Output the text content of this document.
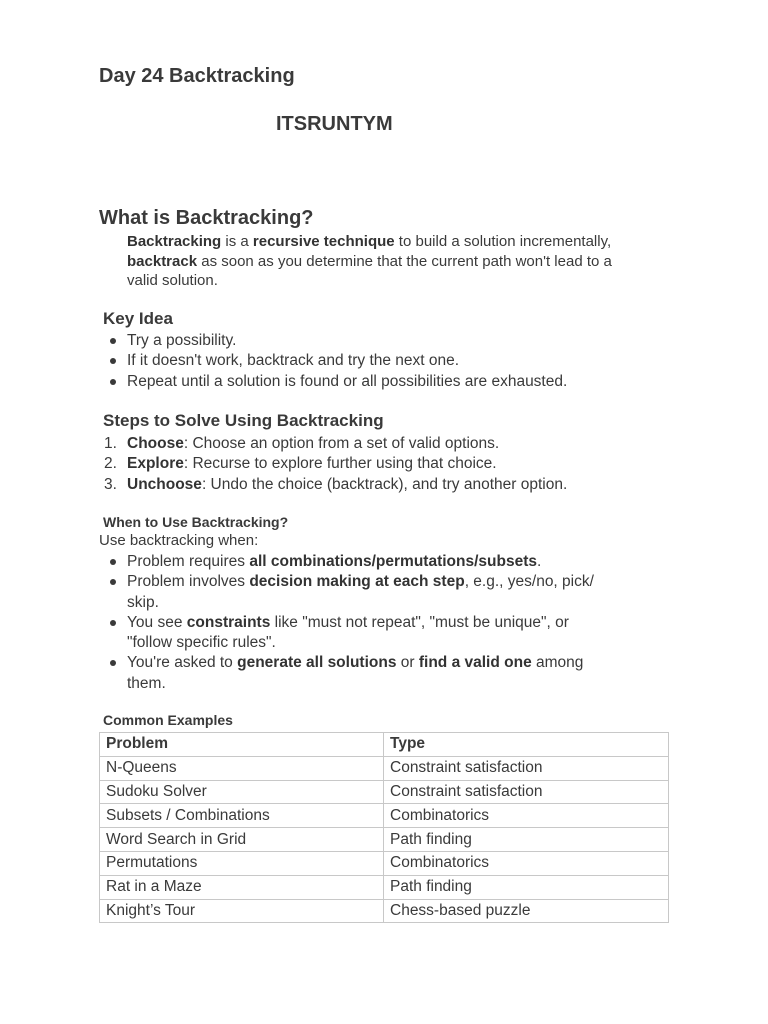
Day 24 Backtracking
ITSRUNTYM
What is Backtracking?
Backtracking is a recursive technique to build a solution incrementally,
backtrack as soon as you determine that the current path won't lead to a
valid solution.
Key Idea
Try a possibility.
If it doesn't work, backtrack and try the next one.
Repeat until a solution is found or all possibilities are exhausted.
Steps to Solve Using Backtracking
1. Choose: Choose an option from a set of valid options.
2. Explore: Recurse to explore further using that choice.
3. Unchoose: Undo the choice (backtrack), and try another option.
When to Use Backtracking?
Use backtracking when:
Problem requires all combinations/permutations/subsets.
Problem involves decision making at each step, e.g., yes/no, pick/
skip.
You see constraints like "must not repeat", "must be unique", or
"follow specific rules".
You're asked to generate all solutions or find a valid one among
them.
Common Examples
Problem	Type
N-Queens	Constraint satisfaction
Sudoku Solver	Constraint satisfaction
Subsets / Combinations	Combinatorics
Word Search in Grid	Path finding
Permutations	Combinatorics
Rat in a Maze	Path finding
Knight’s Tour	Chess-based puzzle
